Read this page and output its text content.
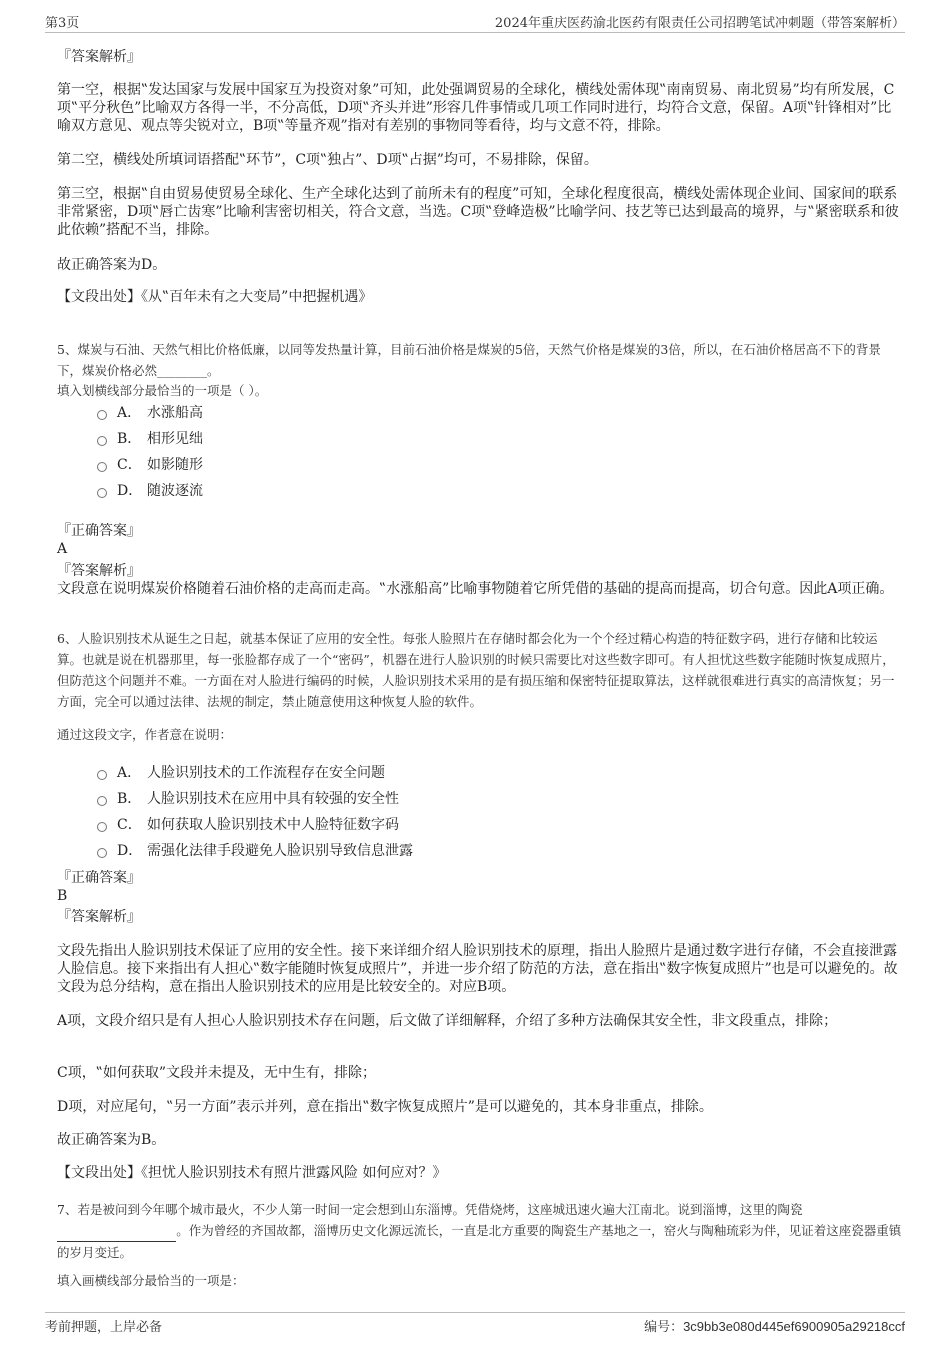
第3页	2024年重庆医药渝北医药有限责任公司招聘笔试冲刺题（带答案解析）
『答案解析』

第一空，根据‟发达国家与发展中国家互为投资对象”可知，此处强调贸易的全球化，横线处需体现‟南南贸易、南北贸易”均有所发展，C项‟平分秋色”比喻双方各得一半，不分高低，D项‟齐头并进”形容几件事情或几项工作同时进行，均符合文意，保留。A项‟针锋相对”比喻双方意见、观点等尖锐对立，B项‟等量齐观”指对有差别的事物同等看待，均与文意不符，排除。

第二空，横线处所填词语搭配‟环节”，C项‟独占”、D项‟占据”均可，不易排除，保留。

第三空，根据‟自由贸易使贸易全球化、生产全球化达到了前所未有的程度”可知，全球化程度很高，横线处需体现企业间、国家间的联系非常紧密，D项‟唇亡齿寒”比喻利害密切相关，符合文意，当选。C项‟登峰造极”比喻学问、技艺等已达到最高的境界，与‟紧密联系和彼此依赖”搭配不当，排除。

故正确答案为D。

【文段出处】《从‟百年未有之大变局”中把握机遇》

5、煤炭与石油、天然气相比价格低廉，以同等发热量计算，目前石油价格是煤炭的5倍，天然气价格是煤炭的3倍，所以，在石油价格居高不下的背景下，煤炭价格必然________。

填入划横线部分最恰当的一项是（ ）。
A． 水涨船高
B． 相形见绌
C． 如影随形
D． 随波逐流
『正确答案』
A
『答案解析』

文段意在说明煤炭价格随着石油价格的走高而走高。‟水涨船高”比喻事物随着它所凭借的基础的提高而提高，切合句意。因此A项正确。

6、人脸识别技术从诞生之日起，就基本保证了应用的安全性。每张人脸照片在存储时都会化为一个个经过精心构造的特征数字码，进行存储和比较运算。也就是说在机器那里，每一张脸都存成了一个“密码”，机器在进行人脸识别的时候只需要比对这些数字即可。有人担忧这些数字能随时恢复成照片，但防范这个问题并不难。一方面在对人脸进行编码的时候，人脸识别技术采用的是有损压缩和保密特征提取算法，这样就很难进行真实的高清恢复；另一方面，完全可以通过法律、法规的制定，禁止随意使用这种恢复人脸的软件。

通过这段文字，作者意在说明：
A． 人脸识别技术的工作流程存在安全问题
B． 人脸识别技术在应用中具有较强的安全性
C． 如何获取人脸识别技术中人脸特征数字码
D． 需强化法律手段避免人脸识别导致信息泄露
『正确答案』
B
『答案解析』

文段先指出人脸识别技术保证了应用的安全性。接下来详细介绍人脸识别技术的原理，指出人脸照片是通过数字进行存储，不会直接泄露人脸信息。接下来指出有人担心‟数字能随时恢复成照片”，并进一步介绍了防范的方法，意在指出‟数字恢复成照片”也是可以避免的。故文段为总分结构，意在指出人脸识别技术的应用是比较安全的。对应B项。

A项，文段介绍只是有人担心人脸识别技术存在问题，后文做了详细解释，介绍了多种方法确保其安全性，非文段重点，排除；

C项，‟如何获取”文段并未提及，无中生有，排除；

D项，对应尾句，‟另一方面”表示并列，意在指出‟数字恢复成照片”是可以避免的，其本身非重点，排除。

故正确答案为B。

【文段出处】《担忧人脸识别技术有照片泄露风险 如何应对？》

7、若是被问到今年哪个城市最火，不少人第一时间一定会想到山东淄博。凭借烧烤，这座城迅速火遍大江南北。说到淄博，这里的陶瓷                              。作为曾经的齐国故都，淄博历史文化源远流长，一直是北方重要的陶瓷生产基地之一，窑火与陶釉琉彩为伴，见证着这座瓷器重镇的岁月变迁。

填入画横线部分最恰当的一项是：
考前押题，上岸必备	编号：3c9bb3e080d445ef6900905a29218ccf
